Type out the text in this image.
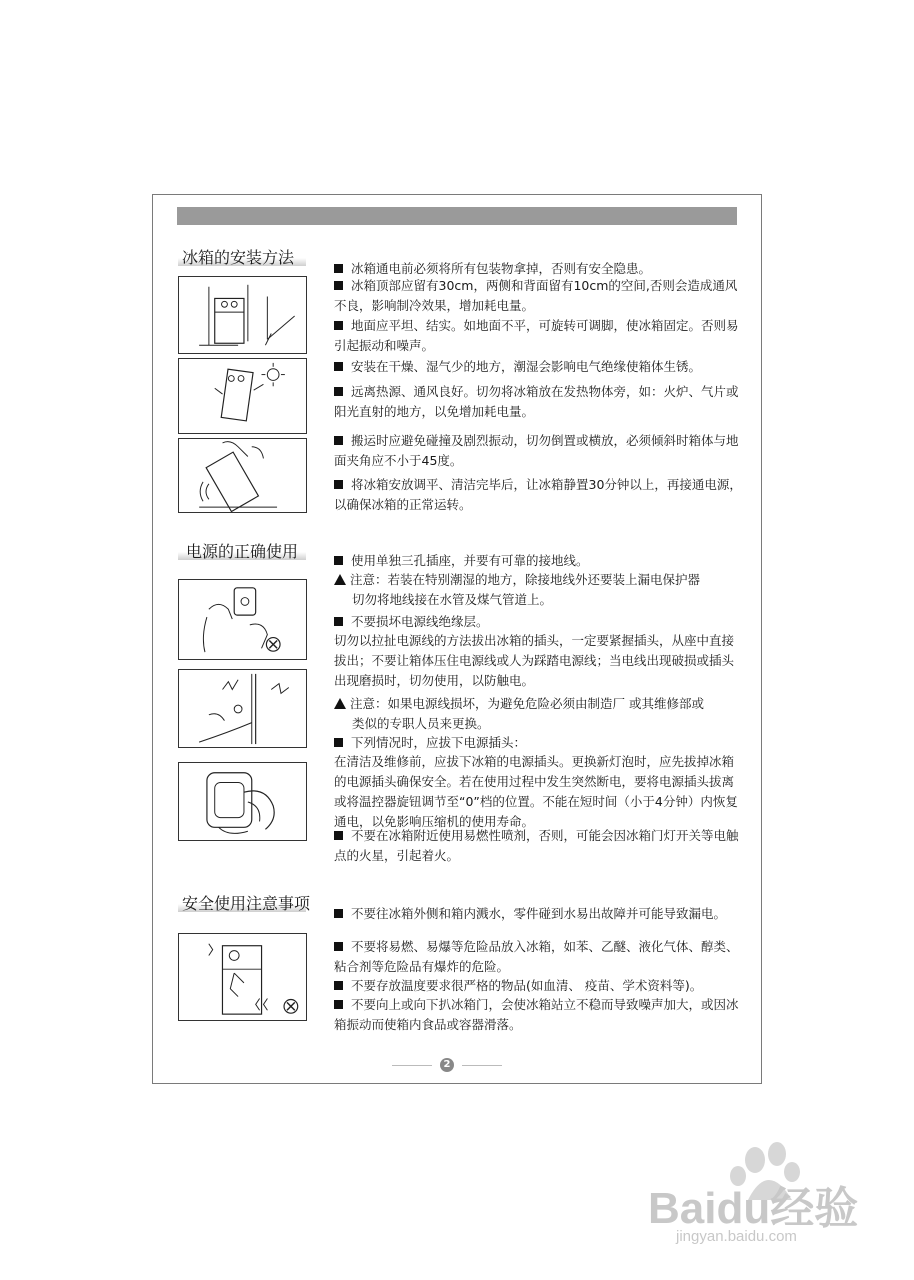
冰箱的安装方法
冰箱通电前必须将所有包装物拿掉，否则有安全隐患。
冰箱顶部应留有30cm，两侧和背面留有10cm的空间,否则会造成通风不良，影响制冷效果，增加耗电量。
地面应平坦、结实。如地面不平，可旋转可调脚，使冰箱固定。否则易引起振动和噪声。
安装在干燥、湿气少的地方，潮湿会影响电气绝缘使箱体生锈。
远离热源、通风良好。切勿将冰箱放在发热物体旁，如：火炉、气片或阳光直射的地方，以免增加耗电量。
搬运时应避免碰撞及剧烈振动，切勿倒置或横放，必须倾斜时箱体与地面夹角应不小于45度。
将冰箱安放调平、清洁完毕后，让冰箱静置30分钟以上，再接通电源，以确保冰箱的正常运转。
电源的正确使用	使用单独三孔插座，并要有可靠的接地线。
注意：若装在特别潮湿的地方，除接地线外还要装上漏电保护器
切勿将地线接在水管及煤气管道上。
不要损坏电源线绝缘层。
切勿以拉扯电源线的方法拔出冰箱的插头，一定要紧握插头，从座中直接拔出；不要让箱体压住电源线或人为踩踏电源线；当电线出现破损或插头出现磨损时，切勿使用，以防触电。
注意：如果电源线损坏，为避免危险必须由制造厂 或其维修部或
类似的专职人员来更换。
下列情况时，应拔下电源插头：
在清洁及维修前，应拔下冰箱的电源插头。更换新灯泡时，应先拔掉冰箱的电源插头确保安全。若在使用过程中发生突然断电，要将电源插头拔离或将温控器旋钮调节至“0”档的位置。不能在短时间（小于4分钟）内恢复通电，以免影响压缩机的使用寿命。
不要在冰箱附近使用易燃性喷剂，否则，可能会因冰箱门灯开关等电触点的火星，引起着火。
安全使用注意事项
不要往冰箱外侧和箱内溅水，零件碰到水易出故障并可能导致漏电。
不要将易燃、易爆等危险品放入冰箱，如苯、乙醚、液化气体、醇类、粘合剂等危险品有爆炸的危险。
不要存放温度要求很严格的物品(如血清、 疫苗、学术资料等)。
不要向上或向下扒冰箱门，会使冰箱站立不稳而导致噪声加大，或因冰箱振动而使箱内食品或容器滑落。
2
Baidu经验
jingyan.baidu.com
